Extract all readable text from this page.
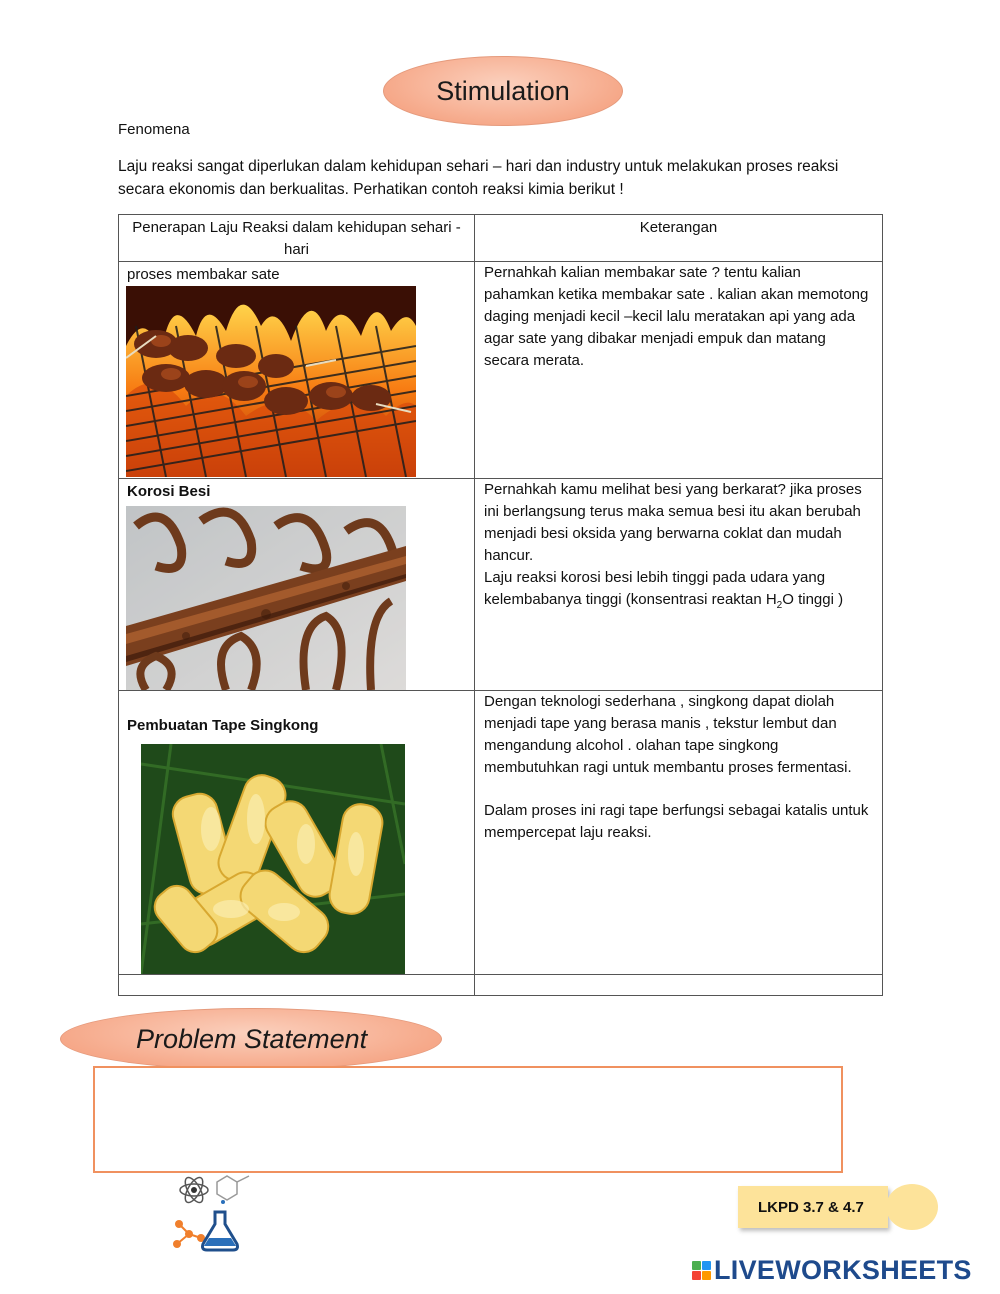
Stimulation
Fenomena
Laju reaksi sangat diperlukan dalam kehidupan sehari – hari dan industry untuk melakukan proses reaksi secara ekonomis dan berkualitas. Perhatikan contoh reaksi kimia berikut !
Penerapan Laju Reaksi dalam kehidupan sehari - hari	Keterangan

proses membakar sate	Pernahkah kalian membakar sate ? tentu kalian pahamkan ketika membakar sate . kalian akan memotong daging menjadi kecil –kecil lalu meratakan api yang ada agar sate yang dibakar menjadi empuk dan matang secara merata.

Korosi Besi	Pernahkah kamu melihat besi yang berkarat? jika proses ini berlangsung terus maka semua besi itu akan berubah menjadi besi oksida yang berwarna coklat dan mudah hancur.
Laju reaksi korosi besi lebih tinggi pada udara yang kelembabanya tinggi (konsentrasi reaktan $H_2O$ tinggi )

Pembuatan Tape Singkong	Dengan teknologi sederhana , singkong dapat diolah menjadi tape yang berasa manis , tekstur lembut dan mengandung alcohol . olahan tape singkong membutuhkan ragi untuk membantu proses fermentasi.
Dalam proses ini ragi tape berfungsi sebagai katalis untuk mempercepat laju reaksi.

Problem Statement
LKPD 3.7 & 4.7
LIVEWORKSHEETS
